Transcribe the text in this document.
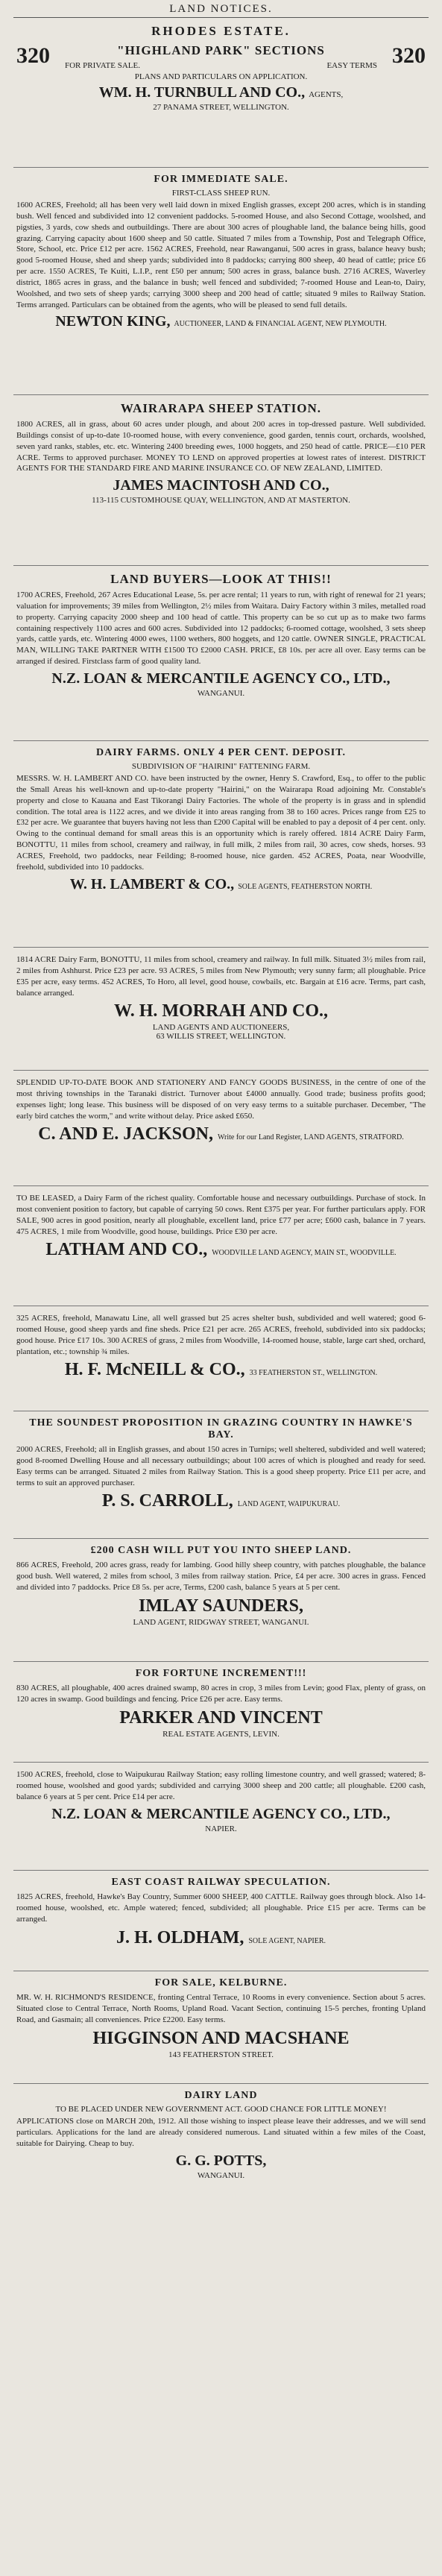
LAND NOTICES.
RHODES ESTATE.
320	"HIGHLAND PARK" SECTIONS
FOR PRIVATE SALE.	EASY TERMS 320
PLANS AND PARTICULARS ON APPLICATION.
WM. H. TURNBULL AND CO., AGENTS,
27 PANAMA STREET, WELLINGTON.
FOR IMMEDIATE SALE.
FIRST-CLASS SHEEP RUN.
1600 ACRES, Freehold; all has been very well laid down in mixed English grasses, except 200 acres, which is in standing bush. Well fenced and subdivided into 12 convenient paddocks. 5-roomed House, and also Second Cottage, woolshed, and pigsties, 3 yards, cow sheds and outbuildings. There are about 300 acres of ploughable land, the balance being hills, good grazing. Carrying capacity about 1600 sheep and 50 cattle. Situated 7 miles from a Township, Post and Telegraph Office, Store, School, etc. Price £12 per acre. 1562 ACRES, Freehold, near Rawanganui, 500 acres in grass, balance heavy bush; good 5-roomed House, shed and sheep yards; subdivided into 8 paddocks; carrying 800 sheep, 40 head of cattle; price £6 per acre. 1550 ACRES, Te Kuiti, L.I.P., rent £50 per annum; 500 acres in grass, balance bush. 2716 ACRES, Waverley district, 1865 acres in grass, and the balance in bush; well fenced and subdivided; 7-roomed House and Lean-to, Dairy, Woolshed, and two sets of sheep yards; carrying 3000 sheep and 200 head of cattle; situated 9 miles to Railway Station. Terms arranged. Particulars can be obtained from the agents, who will be pleased to send full details.
NEWTON KING, AUCTIONEER, LAND & FINANCIAL AGENT, NEW PLYMOUTH.
WAIRARAPA SHEEP STATION.
1800 ACRES, all in grass, about 60 acres under plough, and about 200 acres in top-dressed pasture. Well subdivided. Buildings consist of up-to-date 10-roomed house, with every convenience, good garden, tennis court, orchards, woolshed, seven yard ranks, stables, etc. etc. Wintering 2400 breeding ewes, 1000 hoggets, and 250 head of cattle. PRICE—£10 PER ACRE. Terms to approved purchaser. MONEY TO LEND on approved properties at lowest rates of interest. DISTRICT AGENTS FOR THE STANDARD FIRE AND MARINE INSURANCE CO. OF NEW ZEALAND, LIMITED.
JAMES MACINTOSH AND CO.,
113-115 CUSTOMHOUSE QUAY, WELLINGTON, AND AT MASTERTON.
LAND BUYERS—LOOK AT THIS!!
1700 ACRES, Freehold, 267 Acres Educational Lease, 5s. per acre rental; 11 years to run, with right of renewal for 21 years; valuation for improvements; 39 miles from Wellington, 2½ miles from Waitara. Dairy Factory within 3 miles, metalled road to property. Carrying capacity 2000 sheep and 100 head of cattle. This property can be so cut up as to make two farms containing respectively 1100 acres and 600 acres. Subdivided into 12 paddocks; 6-roomed cottage, woolshed, 3 sets sheep yards, cattle yards, etc. Wintering 4000 ewes, 1100 wethers, 800 hoggets, and 120 cattle. OWNER SINGLE, PRACTICAL MAN, WILLING TAKE PARTNER WITH £1500 TO £2000 CASH. PRICE, £8 10s. per acre all over. Easy terms can be arranged if desired. Firstclass farm of good quality land.
N.Z. LOAN & MERCANTILE AGENCY CO., LTD.,
WANGANUI.
DAIRY FARMS. ONLY 4 PER CENT. DEPOSIT.
SUBDIVISION OF "HAIRINI" FATTENING FARM.
MESSRS. W. H. LAMBERT AND CO. have been instructed by the owner, Henry S. Crawford, Esq., to offer to the public the Small Areas his well-known and up-to-date property "Hairini," on the Wairarapa Road adjoining Mr. Constable's property and close to Kauana and East Tikorangi Dairy Factories. The whole of the property is in grass and in splendid condition. The total area is 1122 acres, and we divide it into areas ranging from 38 to 160 acres. Prices range from £25 to £32 per acre. We guarantee that buyers having not less than £200 Capital will be enabled to pay a deposit of 4 per cent. only. Owing to the continual demand for small areas this is an opportunity which is rarely offered. 1814 ACRE Dairy Farm, BONOTTU, 11 miles from school, creamery and railway, in full milk, 2 miles from rail, 30 acres, cow sheds, horses. 93 ACRES, Freehold, two paddocks, near Feilding; 8-roomed house, nice garden. 452 ACRES, Poata, near Woodville, freehold, subdivided into 10 paddocks.
W. H. LAMBERT & CO., SOLE AGENTS, FEATHERSTON NORTH.
1814 ACRE Dairy Farm, BONOTTU, 11 miles from school, creamery and railway. In full milk. Situated 3½ miles from rail, 2 miles from Ashhurst. Price £23 per acre. 93 ACRES, 5 miles from New Plymouth; very sunny farm; all ploughable. Price £35 per acre, easy terms. 452 ACRES, To Horo, all level, good house, cowbails, etc. Bargain at £16 acre. Terms, part cash, balance arranged.
W. H. MORRAH AND CO.,
LAND AGENTS AND AUCTIONEERS,
63 WILLIS STREET, WELLINGTON.
SPLENDID UP-TO-DATE BOOK AND STATIONERY AND FANCY GOODS BUSINESS, in the centre of one of the most thriving townships in the Taranaki district. Turnover about £4000 annually. Good trade; business profits good; expenses light; long lease. This business will be disposed of on very easy terms to a suitable purchaser. December, "The early bird catches the worm," and write without delay. Price asked £650.
C. AND E. JACKSON, Write for our Land Register, LAND AGENTS, STRATFORD.
TO BE LEASED, a Dairy Farm of the richest quality. Comfortable house and necessary outbuildings. Purchase of stock. In most convenient position to factory, but capable of carrying 50 cows. Rent £375 per year. For further particulars apply. FOR SALE, 900 acres in good position, nearly all ploughable, excellent land, price £77 per acre; £600 cash, balance in 7 years. 475 ACRES, 1 mile from Woodville, good house, buildings. Price £30 per acre.
LATHAM AND CO., WOODVILLE LAND AGENCY, MAIN ST., WOODVILLE.
325 ACRES, freehold, Manawatu Line, all well grassed but 25 acres shelter bush, subdivided and well watered; good 6-roomed House, good sheep yards and fine sheds. Price £21 per acre. 265 ACRES, freehold, subdivided into six paddocks; good house. Price £17 10s. 300 ACRES of grass, 2 miles from Woodville, 14-roomed house, stable, large cart shed, orchard, plantation, etc.; township ¾ miles.
H. F. McNEILL & CO., 33 FEATHERSTON ST., WELLINGTON.
THE SOUNDEST PROPOSITION IN GRAZING COUNTRY IN HAWKE'S BAY.
2000 ACRES, Freehold; all in English grasses, and about 150 acres in Turnips; well sheltered, subdivided and well watered; good 8-roomed Dwelling House and all necessary outbuildings; about 100 acres of which is ploughed and ready for seed. Easy terms can be arranged. Situated 2 miles from Railway Station. This is a good sheep property. Price £11 per acre, and terms to suit an approved purchaser.
P. S. CARROLL, LAND AGENT, WAIPUKURAU.
£200 CASH WILL PUT YOU INTO SHEEP LAND.
866 ACRES, Freehold, 200 acres grass, ready for lambing. Good hilly sheep country, with patches ploughable, the balance good bush. Well watered, 2 miles from school, 3 miles from railway station. Price, £4 per acre. 300 acres in grass. Fenced and divided into 7 paddocks. Price £8 5s. per acre, Terms, £200 cash, balance 5 years at 5 per cent.
IMLAY SAUNDERS,
LAND AGENT, RIDGWAY STREET, WANGANUI.
FOR FORTUNE INCREMENT!!!
830 ACRES, all ploughable, 400 acres drained swamp, 80 acres in crop, 3 miles from Levin; good Flax, plenty of grass, on 120 acres in swamp. Good buildings and fencing. Price £26 per acre. Easy terms.
PARKER AND VINCENT
REAL ESTATE AGENTS, LEVIN.
1500 ACRES, freehold, close to Waipukurau Railway Station; easy rolling limestone country, and well grassed; watered; 8-roomed house, woolshed and good yards; subdivided and carrying 3000 sheep and 200 cattle; all ploughable. £200 cash, balance 6 years at 5 per cent. Price £14 per acre.
N.Z. LOAN & MERCANTILE AGENCY CO., LTD.,
NAPIER.
EAST COAST RAILWAY SPECULATION.
1825 ACRES, freehold, Hawke's Bay Country, Summer 6000 SHEEP, 400 CATTLE. Railway goes through block. Also 14-roomed house, woolshed, etc. Ample watered; fenced, subdivided; all ploughable. Price £15 per acre. Terms can be arranged.
J. H. OLDHAM, SOLE AGENT, NAPIER.
FOR SALE, KELBURNE.
MR. W. H. RICHMOND'S RESIDENCE, fronting Central Terrace, 10 Rooms in every convenience. Section about 5 acres. Situated close to Central Terrace, North Rooms, Upland Road. Vacant Section, continuing 15-5 perches, fronting Upland Road, and Gasmain; all conveniences. Price £2200. Easy terms.
HIGGINSON AND MACSHANE
143 FEATHERSTON STREET.
DAIRY LAND
TO BE PLACED UNDER NEW GOVERNMENT ACT. GOOD CHANCE FOR LITTLE MONEY!
APPLICATIONS close on MARCH 20th, 1912. All those wishing to inspect please leave their addresses, and we will send particulars. Applications for the land are already considered numerous. Land situated within a few miles of the Coast, suitable for Dairying. Cheap to buy.
G. G. POTTS,
WANGANUI.
